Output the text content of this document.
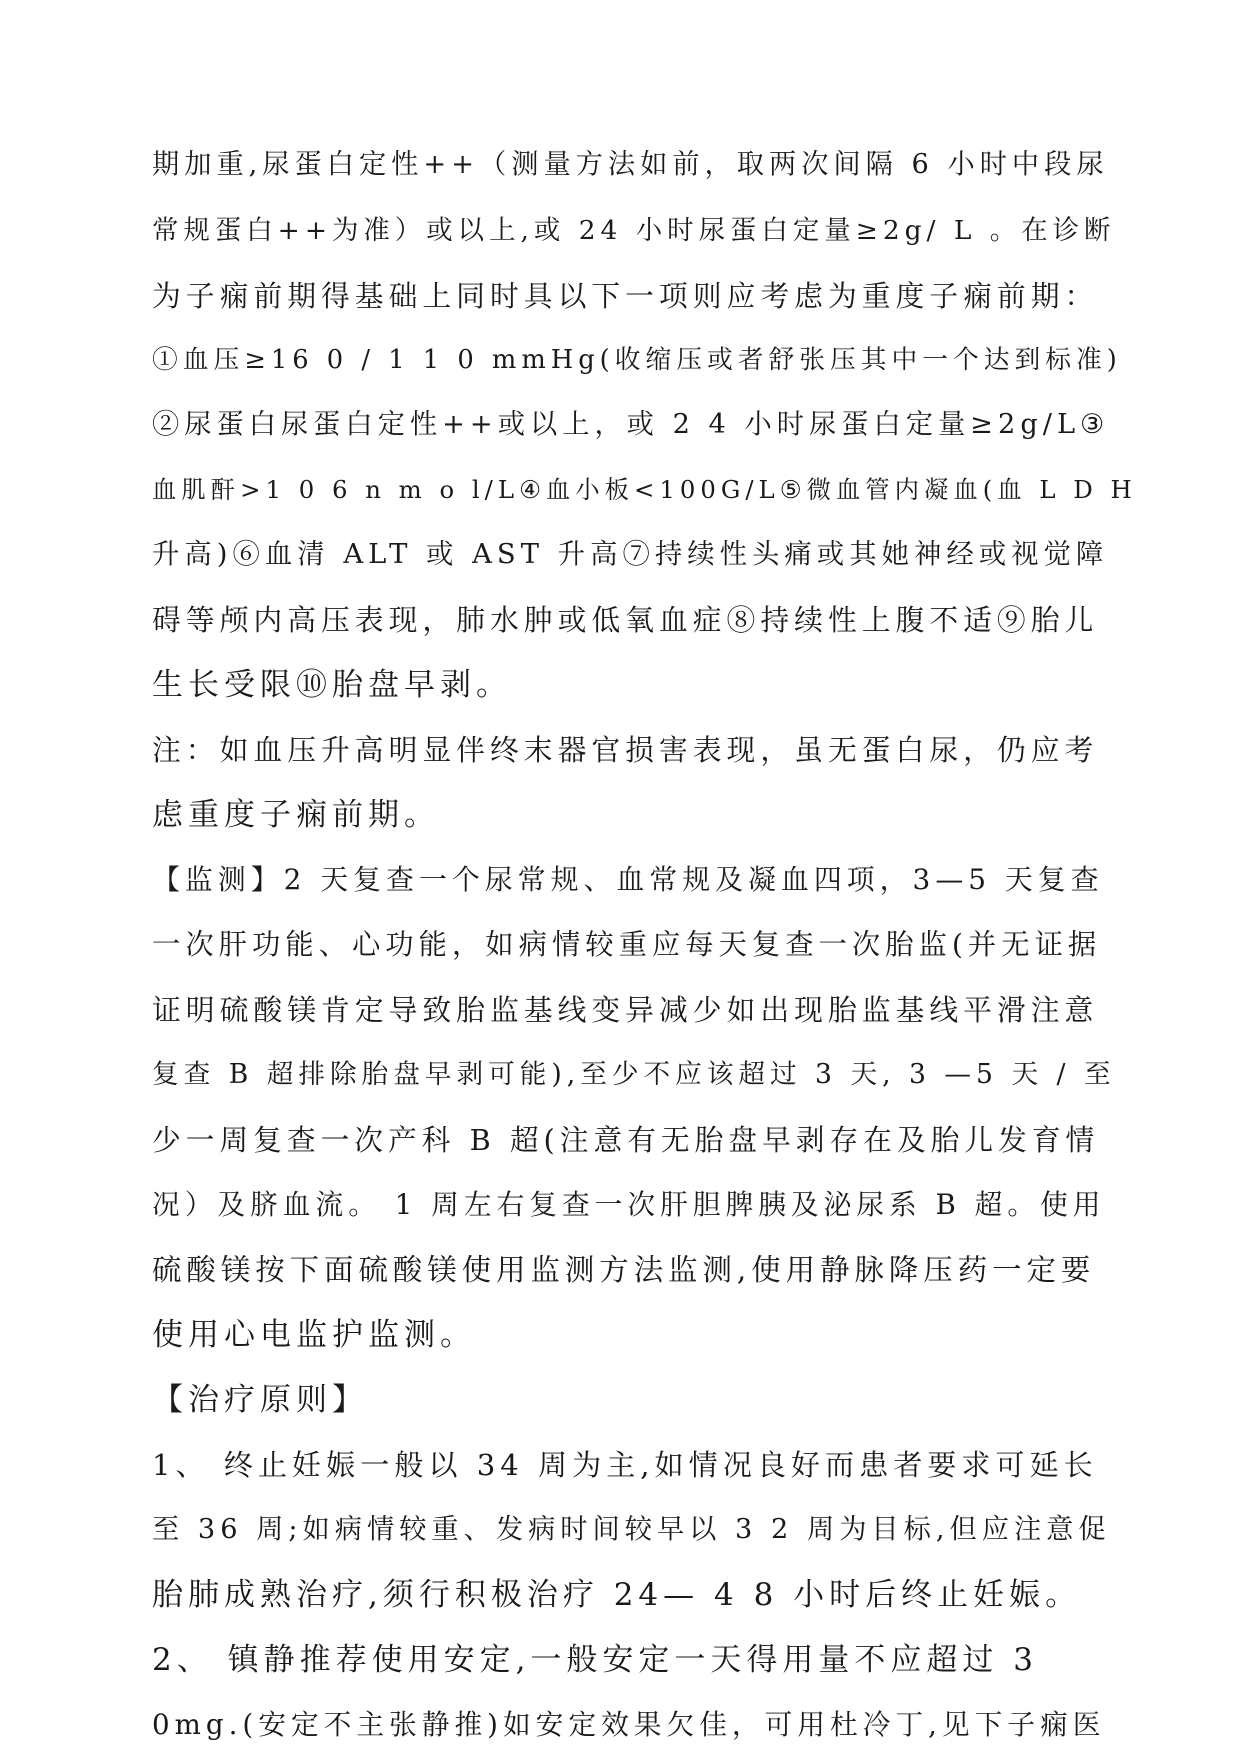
期加重,尿蛋白定性++（测量方法如前，取两次间隔 6 小时中段尿
常规蛋白++为准）或以上,或 24 小时尿蛋白定量≥2g/ L 。在诊断
为子痫前期得基础上同时具以下一项则应考虑为重度子痫前期：
①血压≥16 0 / 1 1 0 mmHg(收缩压或者舒张压其中一个达到标准)
②尿蛋白尿蛋白定性++或以上，或 2 4 小时尿蛋白定量≥2g/L③
血肌酐>1 0 6 n m o l/L④血小板<100G/L⑤微血管内凝血(血 L D H
升高)⑥血清 ALT 或 AST 升高⑦持续性头痛或其她神经或视觉障
碍等颅内高压表现，肺水肿或低氧血症⑧持续性上腹不适⑨胎儿
生长受限⑩胎盘早剥。
注：如血压升高明显伴终末器官损害表现，虽无蛋白尿，仍应考
虑重度子痫前期。
【监测】2 天复查一个尿常规、血常规及凝血四项，3—5 天复查
一次肝功能、心功能，如病情较重应每天复查一次胎监(并无证据
证明硫酸镁肯定导致胎监基线变异减少如出现胎监基线平滑注意
复查 B 超排除胎盘早剥可能),至少不应该超过 3 天, 3 —5 天 / 至
少一周复查一次产科 B 超(注意有无胎盘早剥存在及胎儿发育情
况）及脐血流。 1 周左右复查一次肝胆脾胰及泌尿系 B 超。使用
硫酸镁按下面硫酸镁使用监测方法监测,使用静脉降压药一定要
使用心电监护监测。
【治疗原则】
1、 终止妊娠一般以 34 周为主,如情况良好而患者要求可延长
至 36 周;如病情较重、发病时间较早以 3 2 周为目标,但应注意促
胎肺成熟治疗,须行积极治疗 24— 4 8 小时后终止妊娠。
2、 镇静推荐使用安定,一般安定一天得用量不应超过 3
0mg.(安定不主张静推)如安定效果欠佳，可用杜冷丁,见下子痫医
